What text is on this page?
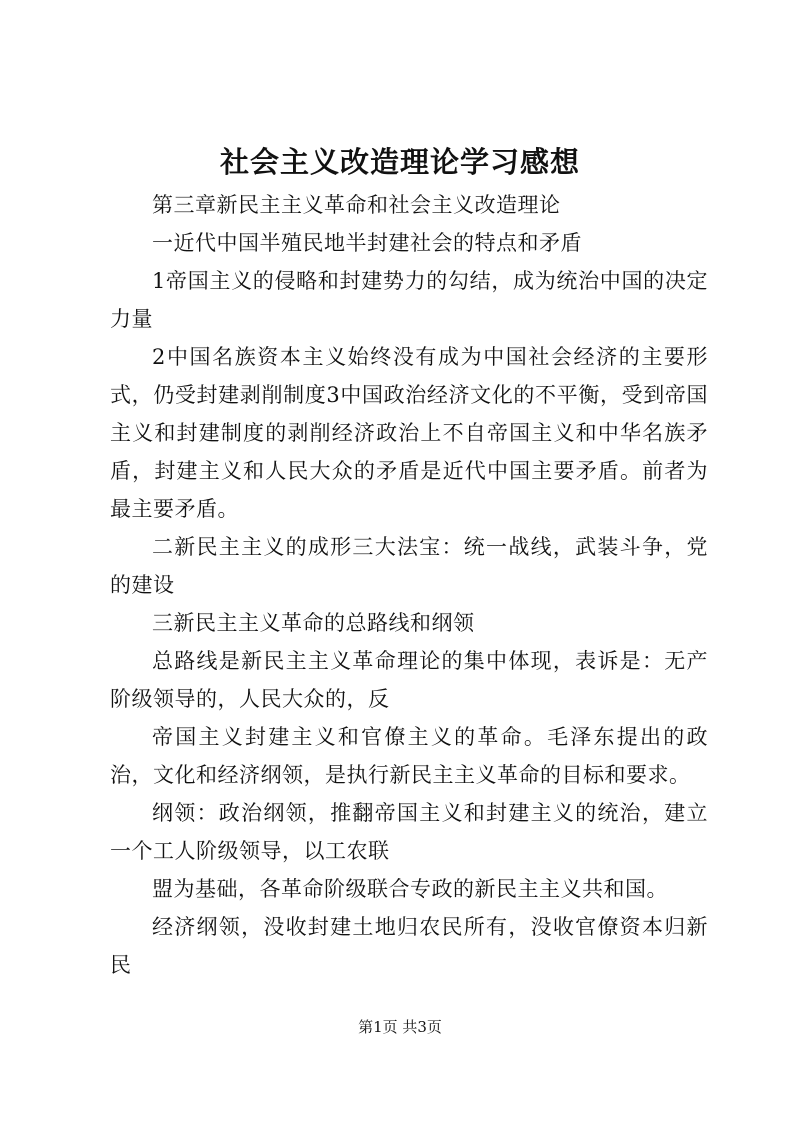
社会主义改造理论学习感想

第三章新民主主义革命和社会主义改造理论

一近代中国半殖民地半封建社会的特点和矛盾

1帝国主义的侵略和封建势力的勾结，成为统治中国的决定力量

2中国名族资本主义始终没有成为中国社会经济的主要形式，仍受封建剥削制度3中国政治经济文化的不平衡，受到帝国主义和封建制度的剥削经济政治上不自帝国主义和中华名族矛盾，封建主义和人民大众的矛盾是近代中国主要矛盾。前者为最主要矛盾。

二新民主主义的成形三大法宝：统一战线，武装斗争，党的建设

三新民主主义革命的总路线和纲领

总路线是新民主主义革命理论的集中体现，表诉是：无产阶级领导的，人民大众的，反

帝国主义封建主义和官僚主义的革命。毛泽东提出的政治，文化和经济纲领，是执行新民主主义革命的目标和要求。

纲领：政治纲领，推翻帝国主义和封建主义的统治，建立一个工人阶级领导，以工农联

盟为基础，各革命阶级联合专政的新民主主义共和国。

经济纲领，没收封建土地归农民所有，没收官僚资本归新民

第1页 共3页
